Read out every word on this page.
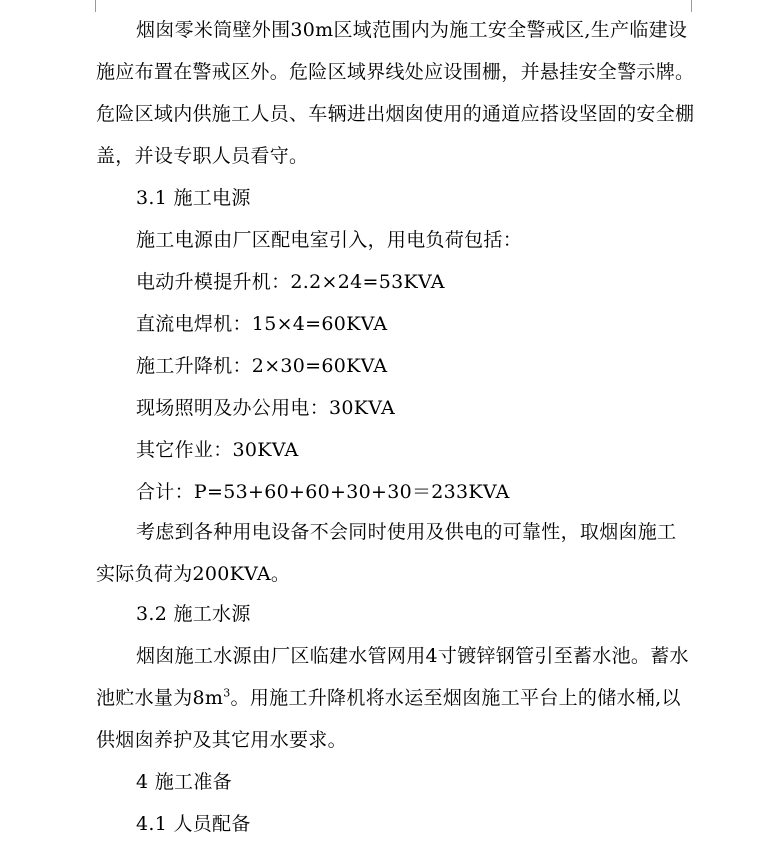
烟囱零米筒壁外围30m区域范围内为施工安全警戒区,生产临建设
施应布置在警戒区外。危险区域界线处应设围栅，并悬挂安全警示牌。
危险区域内供施工人员、车辆进出烟囱使用的通道应搭设坚固的安全棚
盖，并设专职人员看守。
3.1 施工电源
施工电源由厂区配电室引入，用电负荷包括：
电动升模提升机：2.2×24=53KVA
直流电焊机：15×4=60KVA
施工升降机：2×30=60KVA
现场照明及办公用电：30KVA
其它作业：30KVA
合计：P=53+60+60+30+30＝233KVA
考虑到各种用电设备不会同时使用及供电的可靠性，取烟囱施工
实际负荷为200KVA。
3.2 施工水源
烟囱施工水源由厂区临建水管网用4寸镀锌钢管引至蓄水池。蓄水
池贮水量为$8m^3$。用施工升降机将水运至烟囱施工平台上的储水桶,以
供烟囱养护及其它用水要求。
4 施工准备
4.1 人员配备
